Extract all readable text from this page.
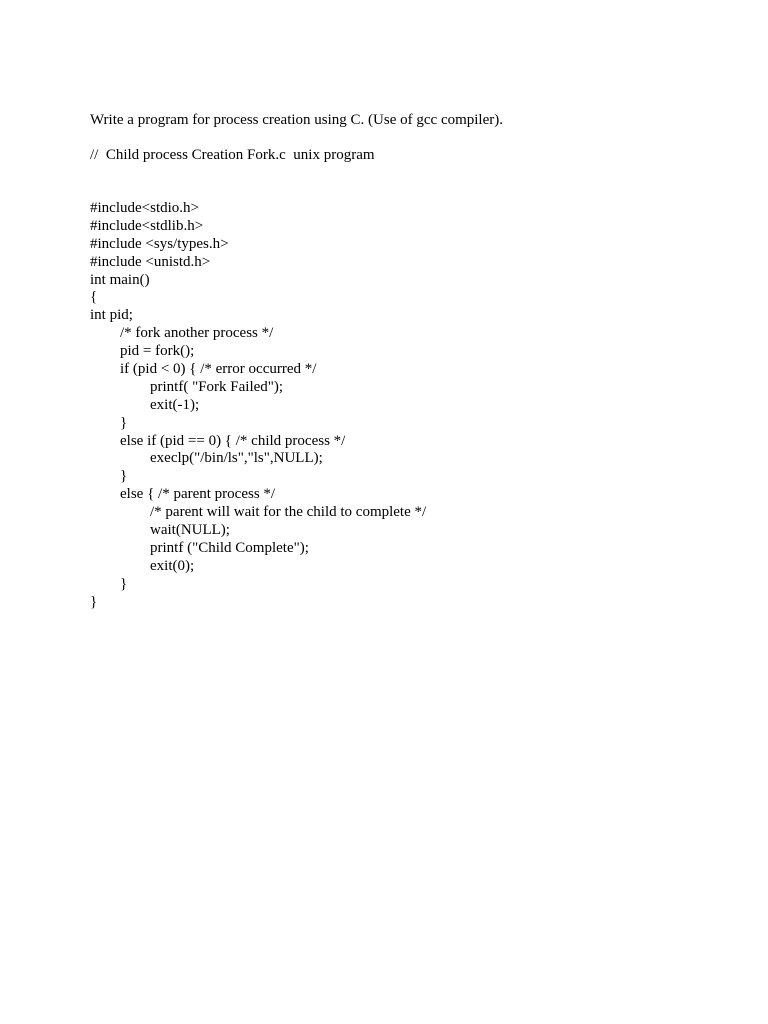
Write a program for process creation using C. (Use of gcc compiler).
//  Child process Creation Fork.c  unix program
#include<stdio.h>
#include<stdlib.h>
#include <sys/types.h>
#include <unistd.h>
int main()
{
int pid;
/* fork another process */
pid = fork();
if (pid < 0) { /* error occurred */
printf( "Fork Failed");
exit(-1);
}
else if (pid == 0) { /* child process */
execlp("/bin/ls","ls",NULL);
}
else { /* parent process */
/* parent will wait for the child to complete */
wait(NULL);
printf ("Child Complete");
exit(0);
}
}
